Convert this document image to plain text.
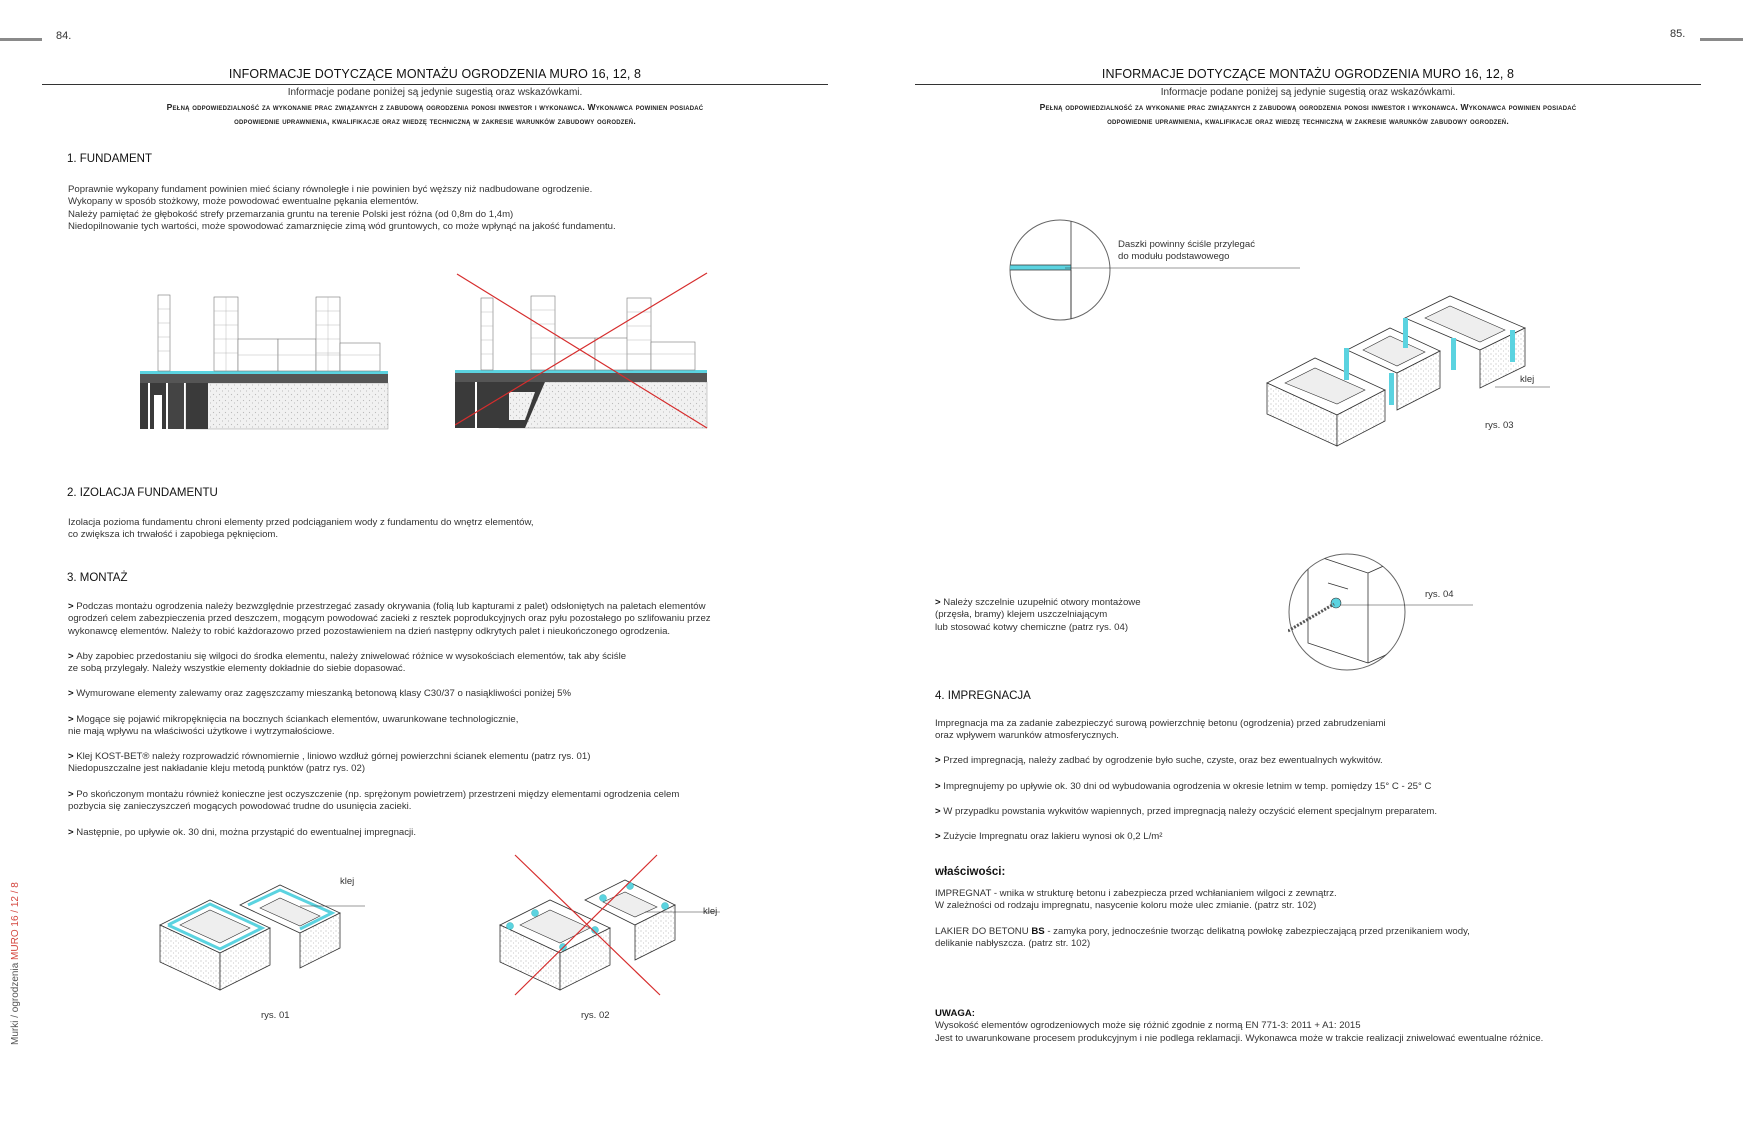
84.	85.
INFORMACJE DOTYCZĄCE MONTAŻU OGRODZENIA MURO 16, 12, 8
Informacje podane poniżej są jedynie sugestią oraz wskazówkami.
Pełną odpowiedzialność za wykonanie prac związanych z zabudową ogrodzenia ponosi inwestor i wykonawca. Wykonawca powinien posiadać
odpowiednie uprawnienia, kwalifikacje oraz wiedzę techniczną w zakresie warunków zabudowy ogrodzeń.
INFORMACJE DOTYCZĄCE MONTAŻU OGRODZENIA MURO 16, 12, 8
Informacje podane poniżej są jedynie sugestią oraz wskazówkami.
Pełną odpowiedzialność za wykonanie prac związanych z zabudową ogrodzenia ponosi inwestor i wykonawca. Wykonawca powinien posiadać
odpowiednie uprawnienia, kwalifikacje oraz wiedzę techniczną w zakresie warunków zabudowy ogrodzeń.
1. FUNDAMENT
Poprawnie wykopany fundament powinien mieć ściany równoległe i nie powinien być węższy niż nadbudowane ogrodzenie.
Wykopany w sposób stożkowy, może powodować ewentualne pękania elementów.
Należy pamiętać że głębokość strefy przemarzania gruntu na terenie Polski jest różna (od 0,8m do 1,4m)
Niedopilnowanie tych wartości, może spowodować zamarznięcie zimą wód gruntowych, co może wpłynąć na jakość fundamentu.
2. IZOLACJA FUNDAMENTU
Izolacja pozioma fundamentu chroni elementy przed podciąganiem wody z fundamentu do wnętrz elementów,
co zwiększa ich trwałość i zapobiega pęknięciom.
3. MONTAŻ
> Podczas montażu ogrodzenia należy bezwzględnie przestrzegać zasady okrywania (folią lub kapturami z palet) odsłoniętych na paletach elementów
ogrodzeń celem zabezpieczenia przed deszczem, mogącym powodować zacieki z resztek poprodukcyjnych oraz pyłu pozostałego po szlifowaniu przez
wykonawcę elementów. Należy to robić każdorazowo przed pozostawieniem na dzień następny odkrytych palet i nieukończonego ogrodzenia.
> Aby zapobiec przedostaniu się wilgoci do środka elementu, należy zniwelować różnice w wysokościach elementów, tak aby ściśle
ze sobą przylegały. Należy wszystkie elementy dokładnie do siebie dopasować.
> Wymurowane elementy zalewamy oraz zagęszczamy mieszanką betonową klasy C30/37 o nasiąkliwości poniżej 5%
> Mogące się pojawić mikropęknięcia na bocznych ściankach elementów, uwarunkowane technologicznie,
nie mają wpływu na właściwości użytkowe i wytrzymałościowe.
> Klej KOST-BET® należy rozprowadzić równomiernie , liniowo wzdłuż górnej powierzchni ścianek elementu (patrz rys. 01)
Niedopuszczalne jest nakładanie kleju metodą punktów (patrz rys. 02)
> Po skończonym montażu również konieczne jest oczyszczenie (np. sprężonym powietrzem) przestrzeni między elementami ogrodzenia celem
pozbycia się zanieczyszczeń mogących powodować trudne do usunięcia zacieki.
> Następnie, po upływie ok. 30 dni, można przystąpić do ewentualnej impregnacji.
klej
rys. 01
klej
rys. 02
Murki / ogrodzenia MURO 16 / 12 / 8
Daszki powinny ściśle przylegać
do modułu podstawowego
klej
rys. 03
rys. 04
> Należy szczelnie uzupełnić otwory montażowe
(przęsła, bramy) klejem uszczelniającym
lub stosować kotwy chemiczne (patrz rys. 04)
4. IMPREGNACJA
Impregnacja ma za zadanie zabezpieczyć surową powierzchnię betonu (ogrodzenia) przed zabrudzeniami
oraz wpływem warunków atmosferycznych.
> Przed impregnacją, należy zadbać by ogrodzenie było suche, czyste, oraz bez ewentualnych wykwitów.
> Impregnujemy po upływie ok. 30 dni od wybudowania ogrodzenia w okresie letnim w temp. pomiędzy 15° C - 25° C
> W przypadku powstania wykwitów wapiennych, przed impregnacją należy oczyścić element specjalnym preparatem.
> Zużycie Impregnatu oraz lakieru wynosi ok 0,2 L/m²
właściwości:
IMPREGNAT - wnika w strukturę betonu i zabezpiecza przed wchłanianiem wilgoci z zewnątrz.
W zależności od rodzaju impregnatu, nasycenie koloru może ulec zmianie. (patrz str. 102)
LAKIER DO BETONU BS - zamyka pory, jednocześnie tworząc delikatną powłokę zabezpieczającą przed przenikaniem wody,
delikanie nabłyszcza. (patrz str. 102)
UWAGA:
Wysokość elementów ogrodzeniowych może się różnić zgodnie z normą EN 771-3: 2011 + A1: 2015
Jest to uwarunkowane procesem produkcyjnym i nie podlega reklamacji. Wykonawca może w trakcie realizacji zniwelować ewentualne różnice.
